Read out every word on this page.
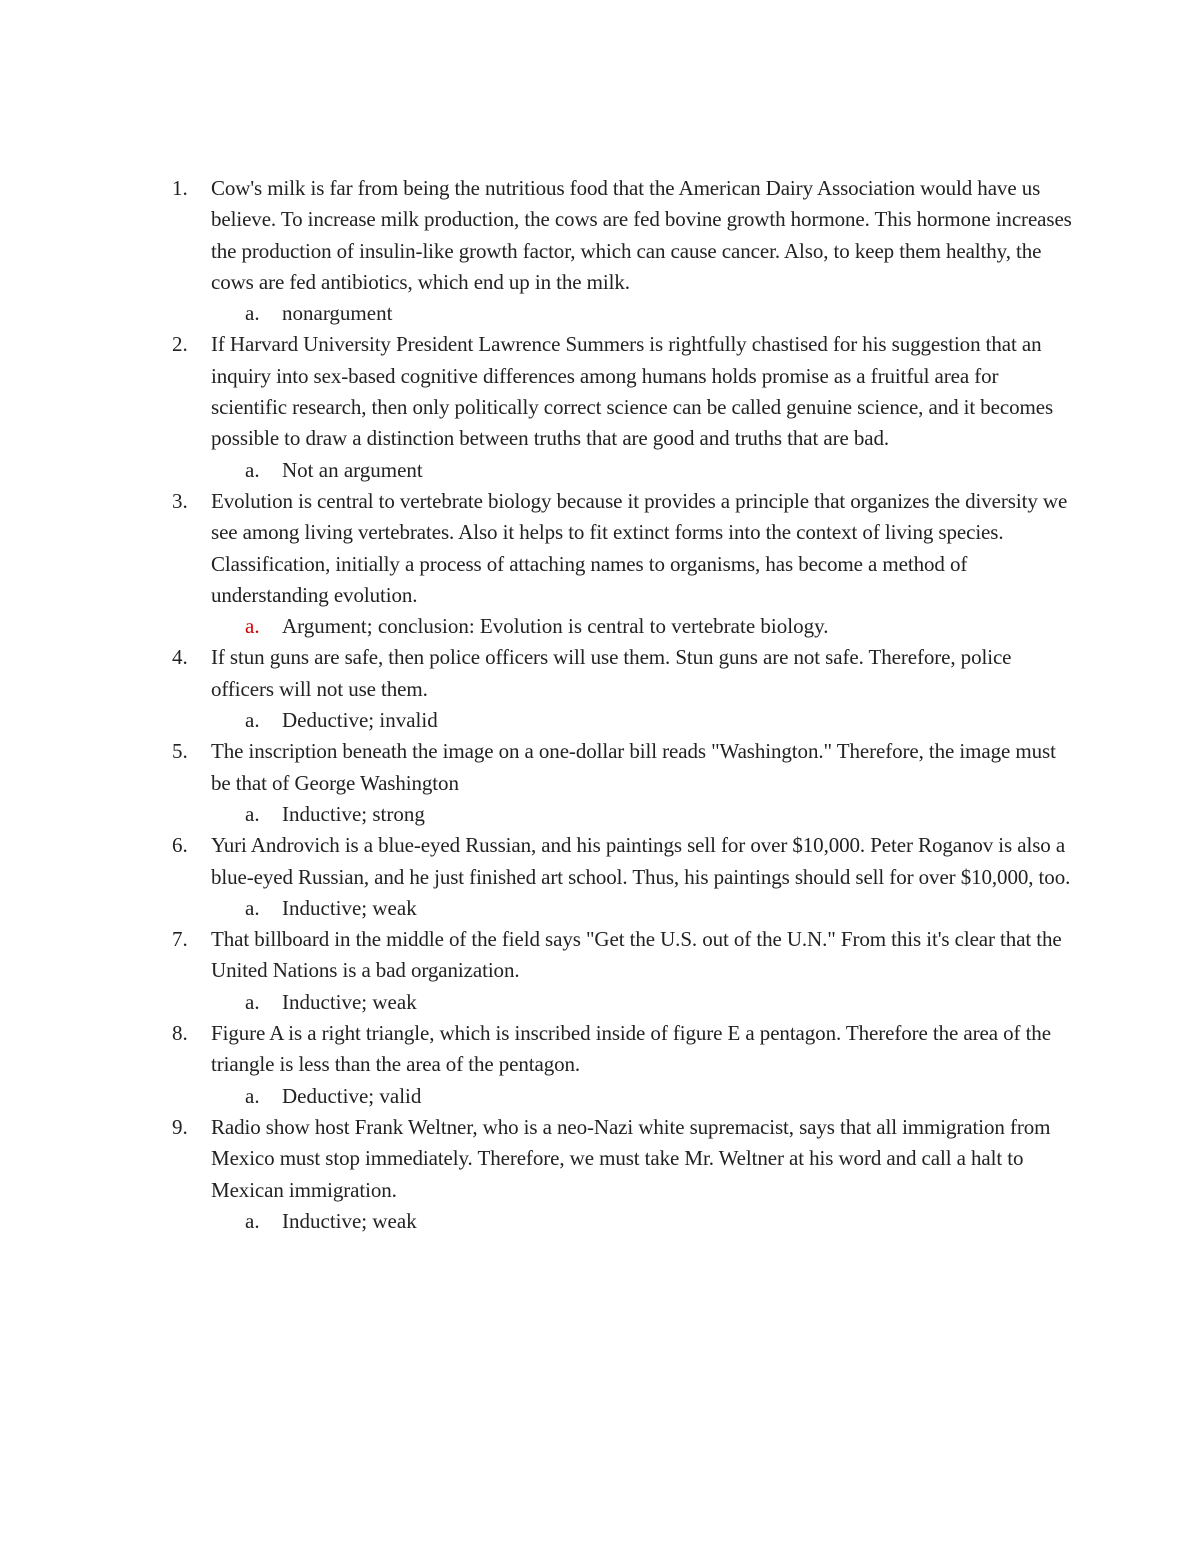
1.	Cow's milk is far from being the nutritious food that the American Dairy Association would have us believe. To increase milk production, the cows are fed bovine growth hormone. This hormone increases the production of insulin-like growth factor, which can cause cancer. Also, to keep them healthy, the cows are fed antibiotics, which end up in the milk.

a. nonargument
2.	If Harvard University President Lawrence Summers is rightfully chastised for his suggestion that an inquiry into sex-based cognitive differences among humans holds promise as a fruitful area for scientific research, then only politically correct science can be called genuine science, and it becomes possible to draw a distinction between truths that are good and truths that are bad.

a. Not an argument
3.	Evolution is central to vertebrate biology because it provides a principle that organizes the diversity we see among living vertebrates. Also it helps to fit extinct forms into the context of living species. Classification, initially a process of attaching names to organisms, has become a method of understanding evolution.

a. Argument; conclusion: Evolution is central to vertebrate biology.
4.	If stun guns are safe, then police officers will use them. Stun guns are not safe. Therefore, police officers will not use them.

a. Deductive; invalid
5.	The inscription beneath the image on a one-dollar bill reads "Washington." Therefore, the image must be that of George Washington

a. Inductive; strong
6.	Yuri Androvich is a blue-eyed Russian, and his paintings sell for over $10,000. Peter Roganov is also a blue-eyed Russian, and he just finished art school. Thus, his paintings should sell for over $10,000, too.

a. Inductive; weak
7.	That billboard in the middle of the field says "Get the U.S. out of the U.N." From this it's clear that the United Nations is a bad organization.

a. Inductive; weak
8.	Figure A is a right triangle, which is inscribed inside of figure E a pentagon. Therefore the area of the triangle is less than the area of the pentagon.

a. Deductive; valid
9.	Radio show host Frank Weltner, who is a neo-Nazi white supremacist, says that all immigration from Mexico must stop immediately. Therefore, we must take Mr. Weltner at his word and call a halt to Mexican immigration.

a. Inductive; weak
